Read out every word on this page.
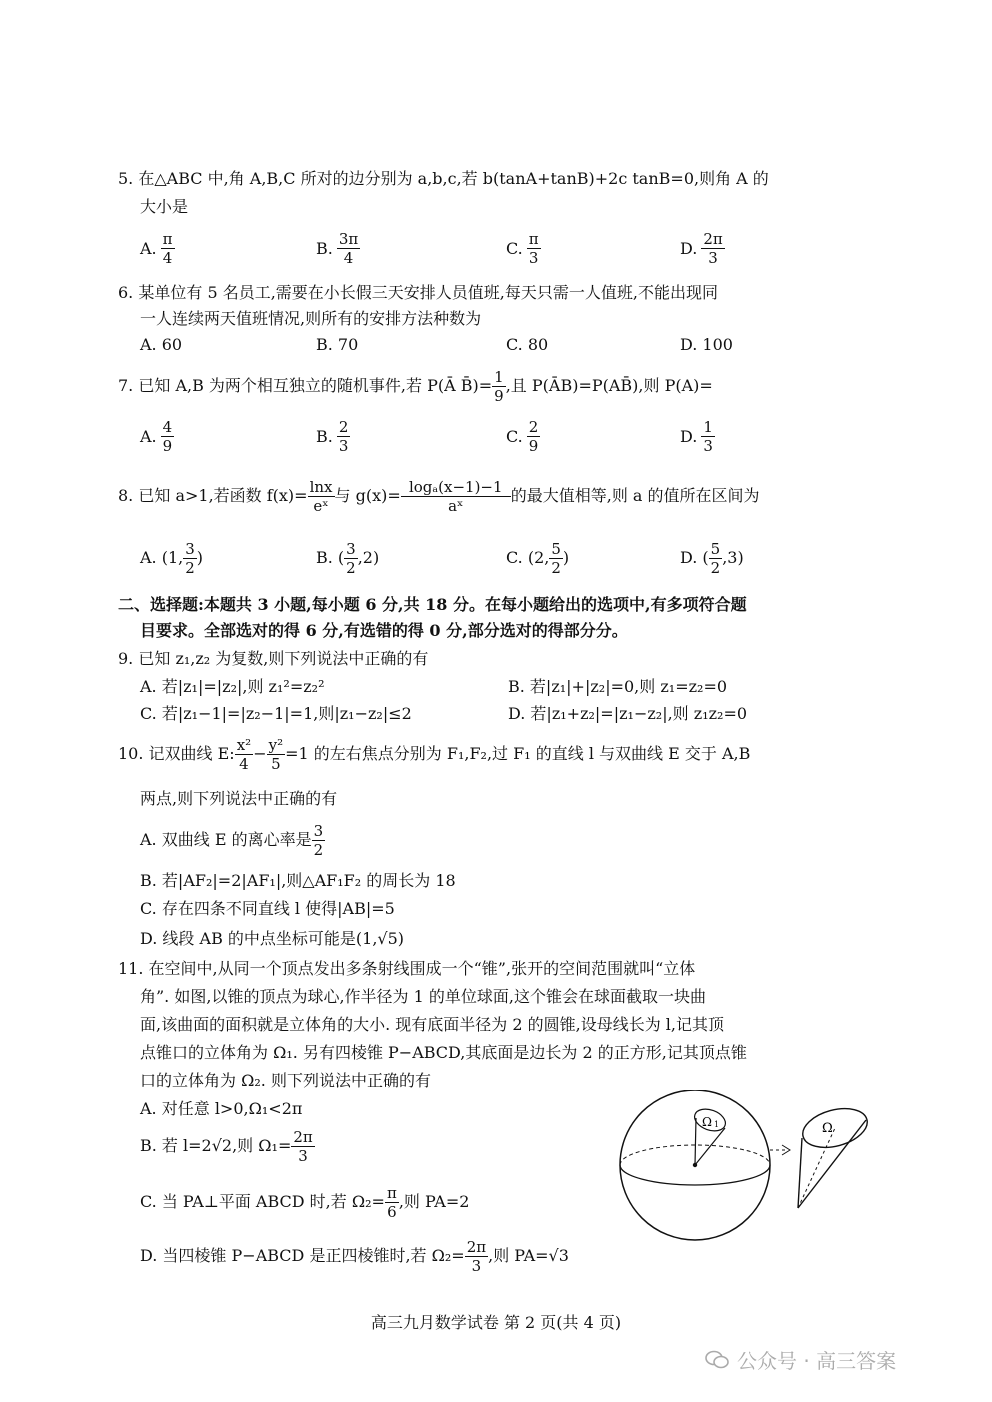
5. 在△ABC 中,角 A,B,C 所对的边分别为 a,b,c,若 b(tanA+tanB)+2c tanB=0,则角 A 的
大小是
A. $\frac{\pi}{4}$	B. $\frac{3\pi}{4}$	C. $\frac{\pi}{3}$	D. $\frac{2\pi}{3}$
6. 某单位有 5 名员工,需要在小长假三天安排人员值班,每天只需一人值班,不能出现同
一人连续两天值班情况,则所有的安排方法种数为
A. 60	B. 70	C. 80	D. 100
7. 已知 A,B 为两个相互独立的随机事件,若 P(Ā B̄)= $\frac{1}{9}$ ,且 P(ĀB)=P(AB̄),则 P(A)=
A. $\frac{4}{9}$	B. $\frac{2}{3}$	C. $\frac{2}{9}$	D. $\frac{1}{3}$
8. 已知 a>1,若函数 $f(x)= \frac{\ln x}{\text{eˣ}}$ 与 $g(x)= \frac{\text{logₐ(x−1)−1}}{\text{aˣ}}$ 的最大值相等,则 a 的值所在区间为
A. (1, $\frac{3}{2}$ )	B. ( $\frac{3}{2} ,2$)	C. (2, $\frac{5}{2}$ )	D. ( $\frac{5}{2} ,3$)
二、选择题:本题共 3 小题,每小题 6 分,共 18 分。在每小题给出的选项中,有多项符合题
目要求。全部选对的得 6 分,有选错的得 0 分,部分选对的得部分分。
9. 已知 z₁,z₂ 为复数,则下列说法中正确的有
A. 若|z₁|=|z₂|,则 z₁²=z₂²	B. 若|z₁|+|z₂|=0,则 z₁=z₂=0
C. 若|z₁−1|=|z₂−1|=1,则|z₁−z₂|≤2	D. 若|z₁+z₂|=|z₁−z₂|,则 z₁z₂=0
10. 记双曲线 E: $\frac{\text{x²}}{4} - \frac{\text{y²}}{5} =1$ 的左右焦点分别为 F₁,F₂,过 F₁ 的直线 l 与双曲线 E 交于 A,B
两点,则下列说法中正确的有
A. 双曲线 E 的离心率是 $\frac{3}{2}$
B. 若|AF₂|=2|AF₁|,则△AF₁F₂ 的周长为 18
C. 存在四条不同直线 l 使得|AB|=5
D. 线段 AB 的中点坐标可能是(1,√5)
11. 在空间中,从同一个顶点发出多条射线围成一个“锥”,张开的空间范围就叫“立体
角”. 如图,以锥的顶点为球心,作半径为 1 的单位球面,这个锥会在球面截取一块曲
面,该曲面的面积就是立体角的大小. 现有底面半径为 2 的圆锥,设母线长为 l,记其顶
点锥口的立体角为 Ω₁. 另有四棱锥 P−ABCD,其底面是边长为 2 的正方形,记其顶点锥
口的立体角为 Ω₂. 则下列说法中正确的有
A. 对任意 l>0,Ω₁<2π
B. 若 l=2√2,则 $\Omega_1= \frac{2\pi}{3}$
C. 当 PA⊥平面 ABCD 时,若 $\Omega_2= \frac{\pi}{6}$ ,则 PA=2
D. 当四棱锥 P−ABCD 是正四棱锥时,若 $\Omega_2= \frac{2\pi}{3}$ ,则 PA=√3
Ω 1	Ω
高三九月数学试卷 第 2 页(共 4 页)
公众号 · 高三答案
